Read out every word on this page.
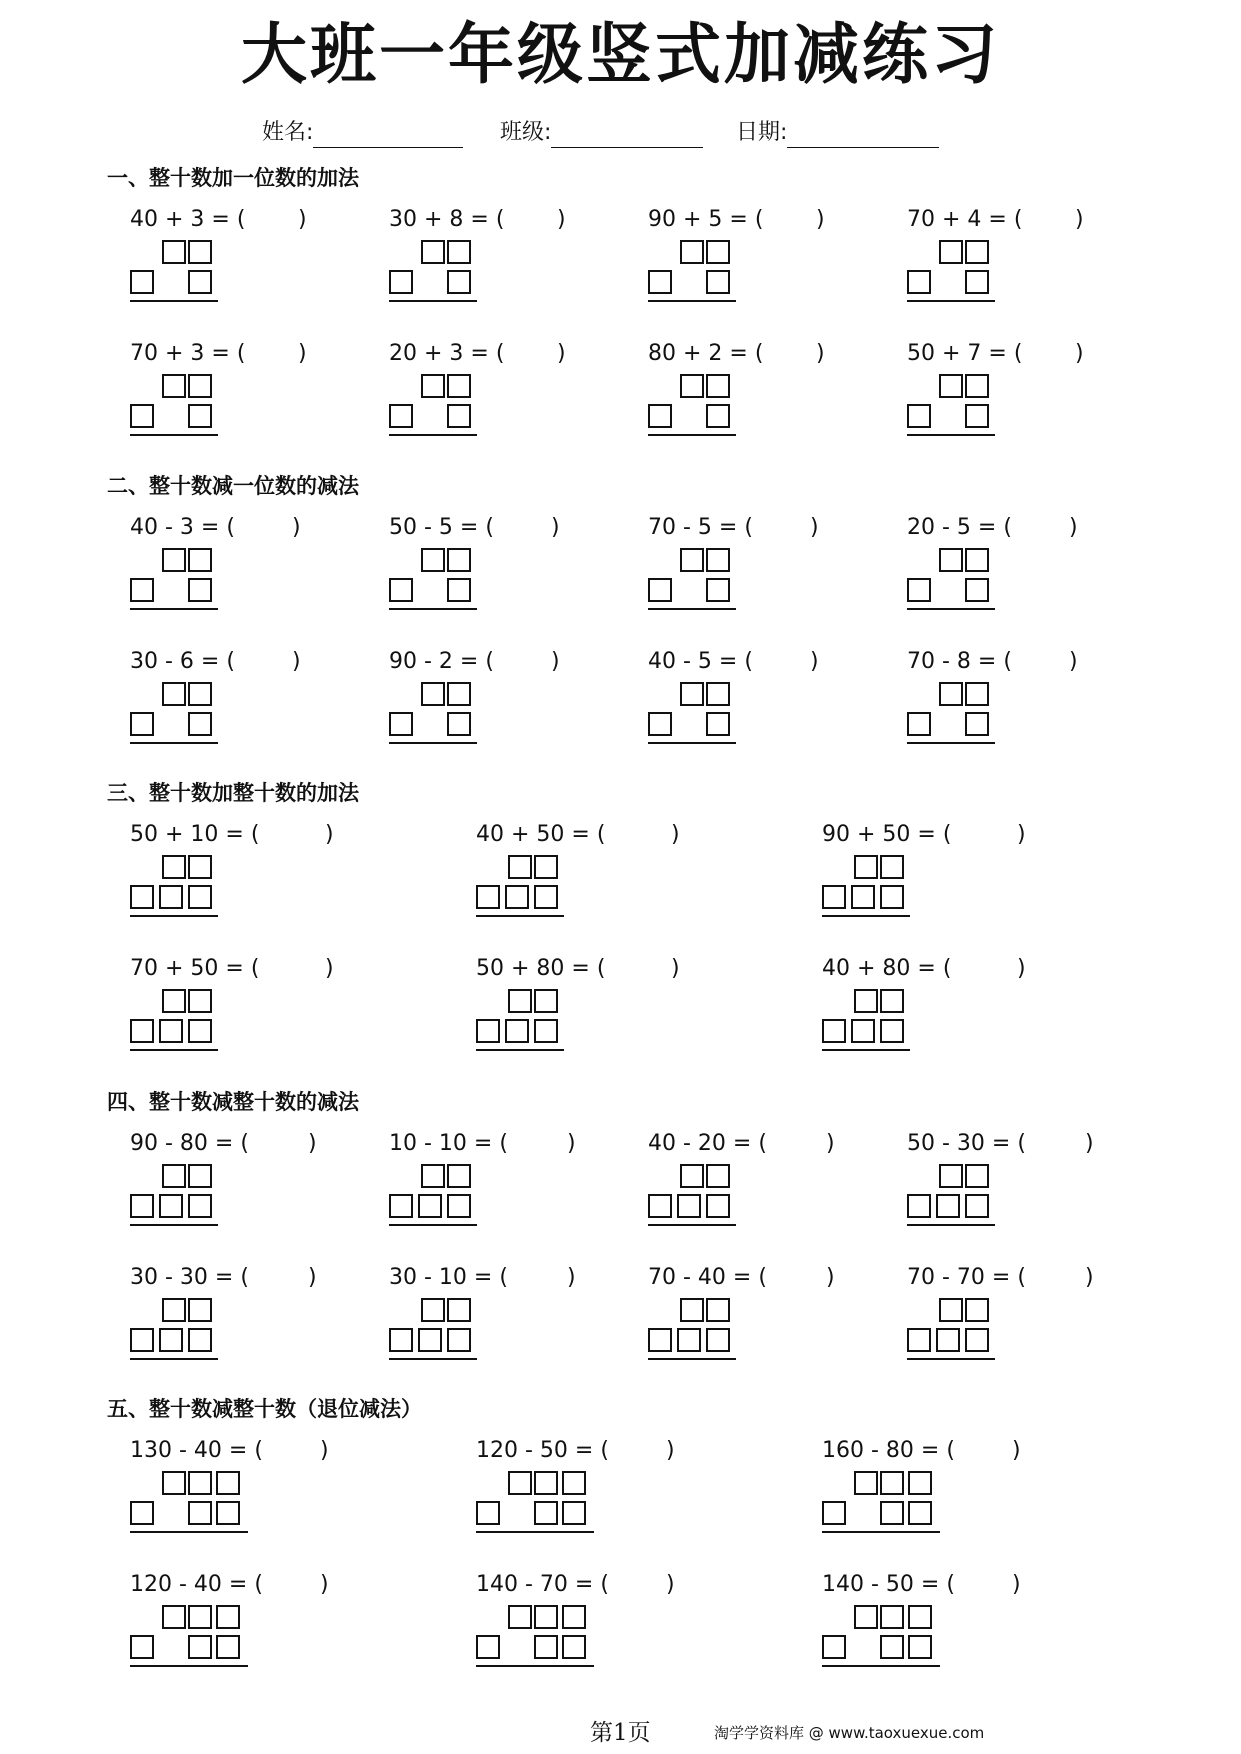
大班一年级竖式加减练习
姓名:	班级:	日期:
一、整十数加一位数的加法
40 + 3 = ( )	30 + 8 = ( )	90 + 5 = ( )	70 + 4 = ( )
70 + 3 = ( )	20 + 3 = ( )	80 + 2 = ( )	50 + 7 = ( )
二、整十数减一位数的减法
40 - 3 = (	)	50 - 5 = (	)	70 - 5 = (	)	20 - 5 = (	)
30 - 6 = (	)	90 - 2 = (	)	40 - 5 = (	)	70 - 8 = (	)
三、整十数加整十数的加法
50 + 10 = (	)	40 + 50 = (	)	90 + 50 = (	)
70 + 50 = (	)	50 + 80 = (	)	40 + 80 = (	)
四、整十数减整十数的减法
90 - 80 = (	)	10 - 10 = (	)	40 - 20 = (	)	50 - 30 = (	)
30 - 30 = (	)	30 - 10 = (	)	70 - 40 = (	)	70 - 70 = (	)
五、整十数减整十数（退位减法）
130 - 40 = (	)	120 - 50 = (	)	160 - 80 = (	)
120 - 40 = (	)	140 - 70 = (	)	140 - 50 = (	)
第1页	淘学学资料库 @ www.taoxuexue.com
